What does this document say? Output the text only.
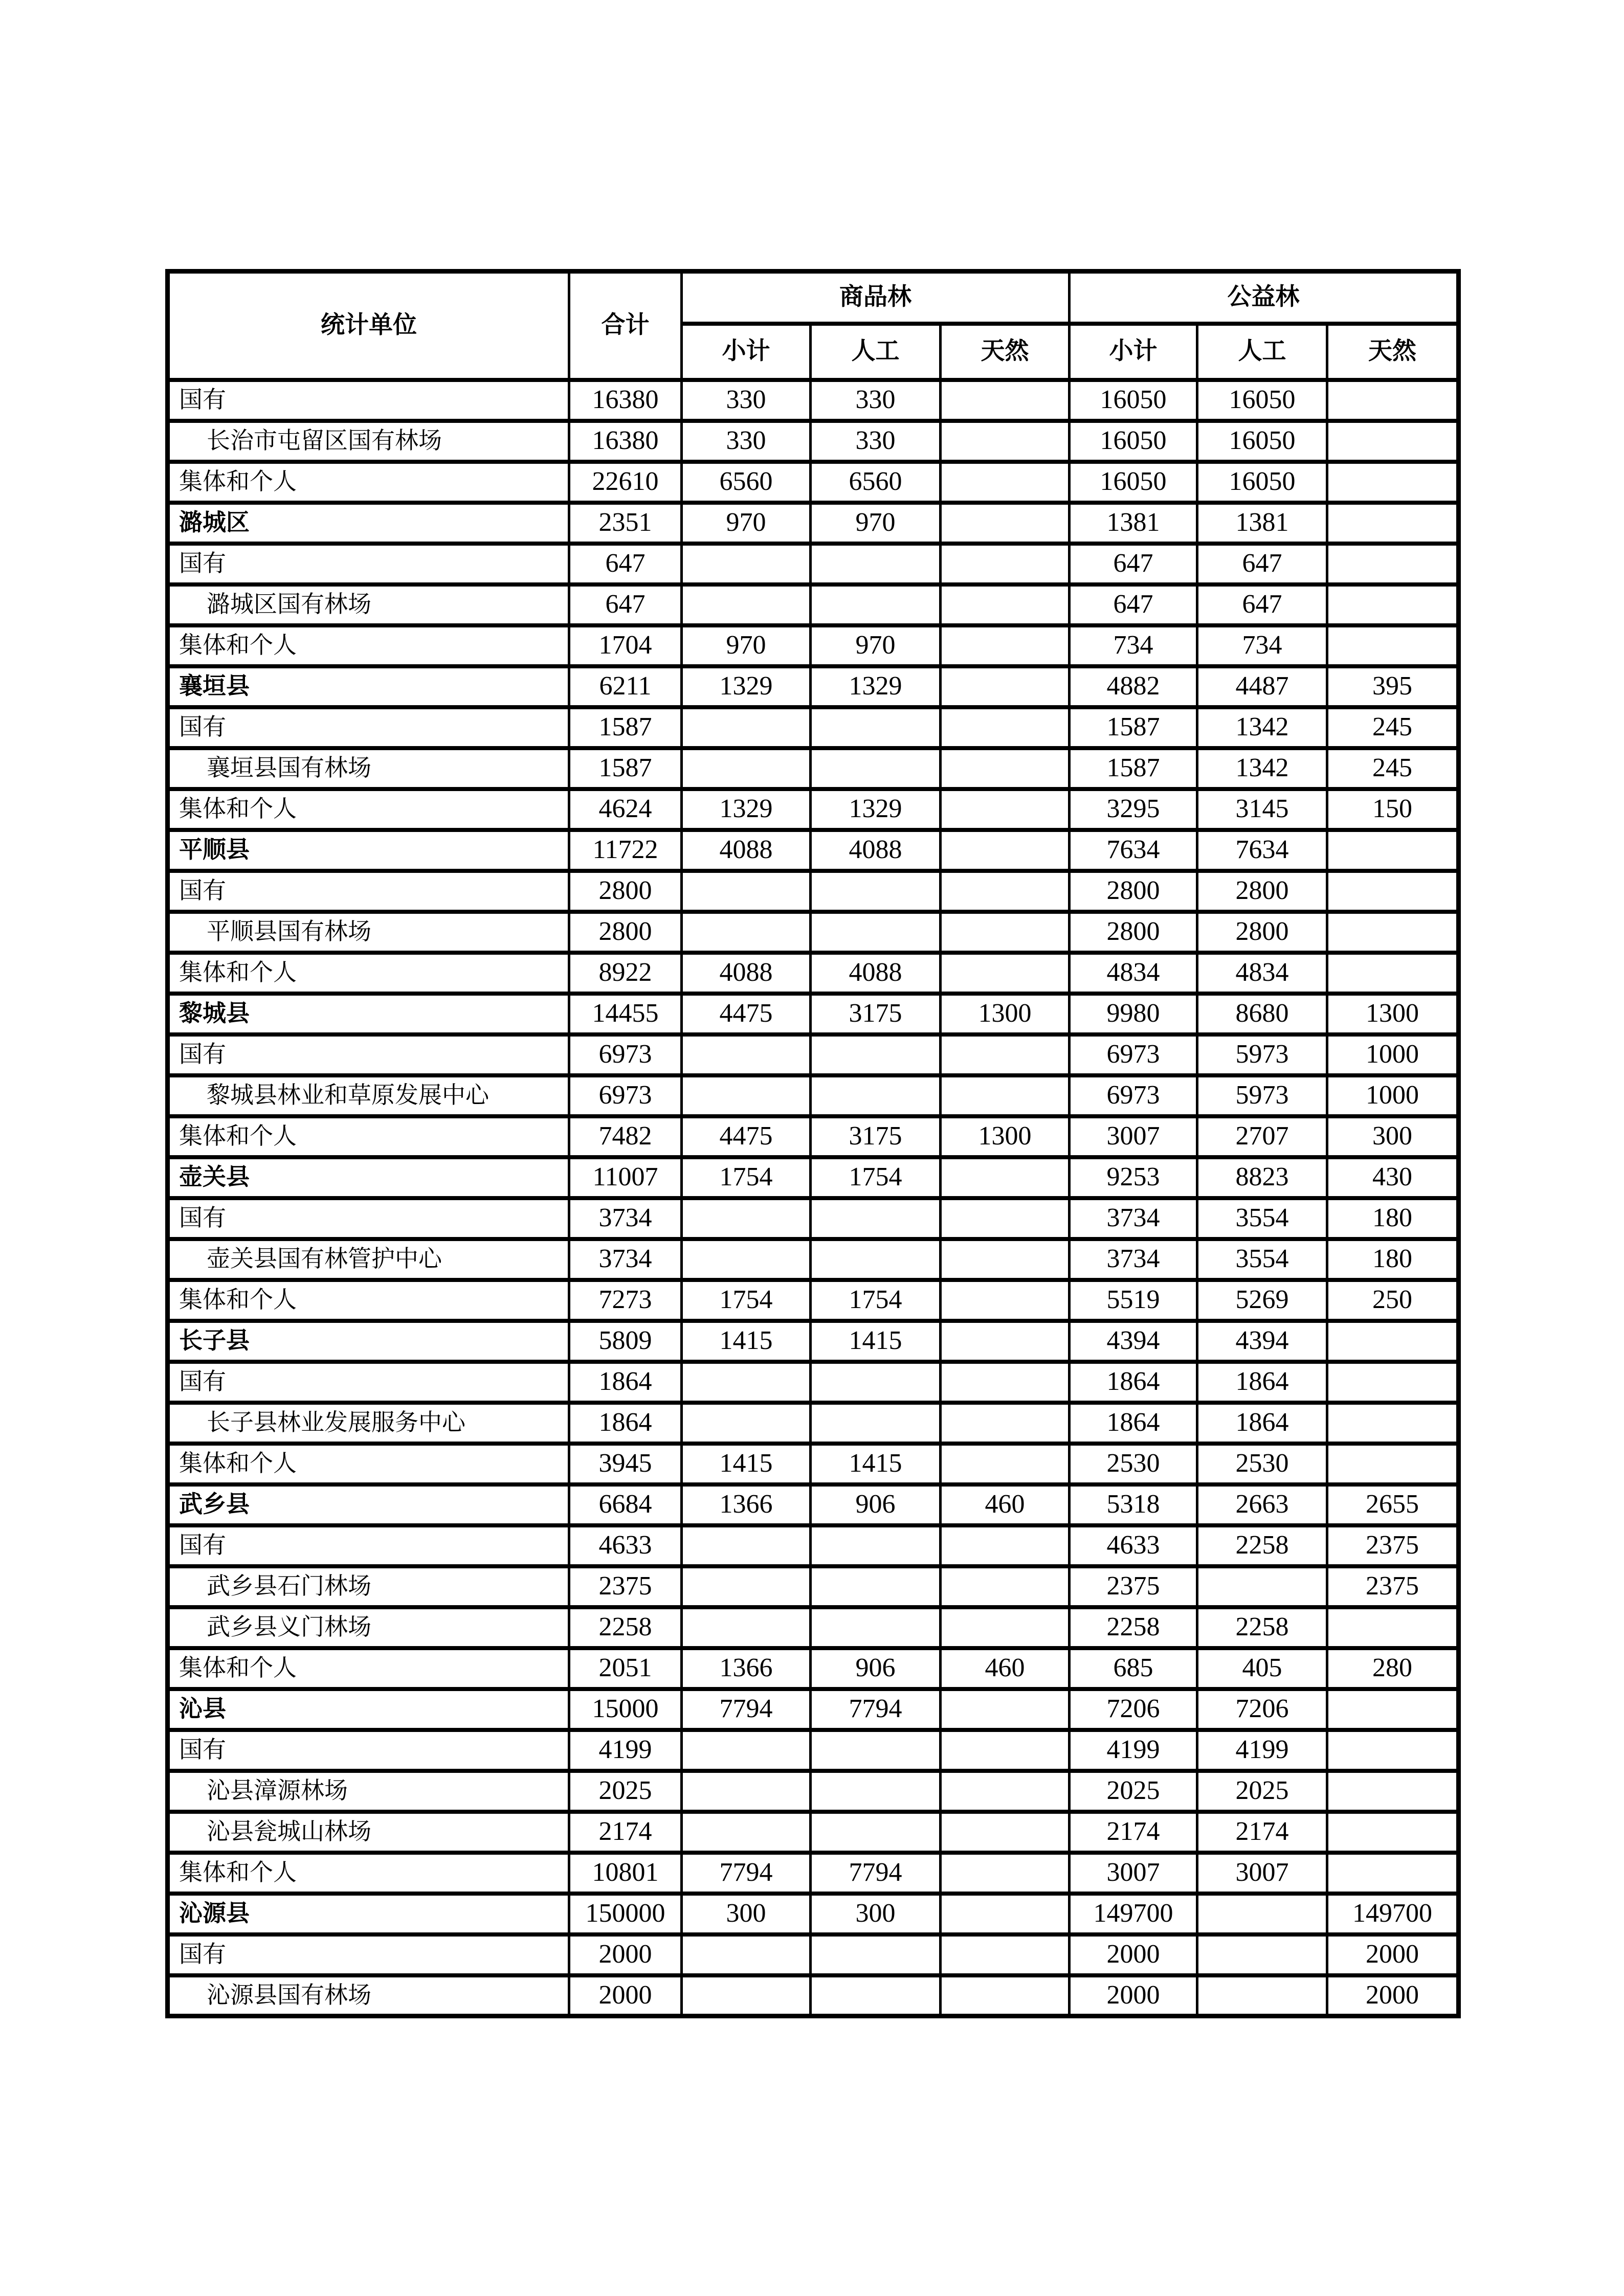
统计单位	合计	商品林			公益林		
		小计	人工	天然	小计	人工	天然
国有	16380	330	330		16050	16050	
长治市屯留区国有林场	16380	330	330		16050	16050	
集体和个人	22610	6560	6560		16050	16050	
潞城区	2351	970	970		1381	1381	
国有	647				647	647	
潞城区国有林场	647				647	647	
集体和个人	1704	970	970		734	734	
襄垣县	6211	1329	1329		4882	4487	395
国有	1587				1587	1342	245
襄垣县国有林场	1587				1587	1342	245
集体和个人	4624	1329	1329		3295	3145	150
平顺县	11722	4088	4088		7634	7634	
国有	2800				2800	2800	
平顺县国有林场	2800				2800	2800	
集体和个人	8922	4088	4088		4834	4834	
黎城县	14455	4475	3175	1300	9980	8680	1300
国有	6973				6973	5973	1000
黎城县林业和草原发展中心	6973				6973	5973	1000
集体和个人	7482	4475	3175	1300	3007	2707	300
壶关县	11007	1754	1754		9253	8823	430
国有	3734				3734	3554	180
壶关县国有林管护中心	3734				3734	3554	180
集体和个人	7273	1754	1754		5519	5269	250
长子县	5809	1415	1415		4394	4394	
国有	1864				1864	1864	
长子县林业发展服务中心	1864				1864	1864	
集体和个人	3945	1415	1415		2530	2530	
武乡县	6684	1366	906	460	5318	2663	2655
国有	4633				4633	2258	2375
武乡县石门林场	2375				2375		2375
武乡县义门林场	2258				2258	2258	
集体和个人	2051	1366	906	460	685	405	280
沁县	15000	7794	7794		7206	7206	
国有	4199				4199	4199	
沁县漳源林场	2025				2025	2025	
沁县瓮城山林场	2174				2174	2174	
集体和个人	10801	7794	7794		3007	3007	
沁源县	150000	300	300		149700		149700
国有	2000				2000		2000
沁源县国有林场	2000				2000		2000
